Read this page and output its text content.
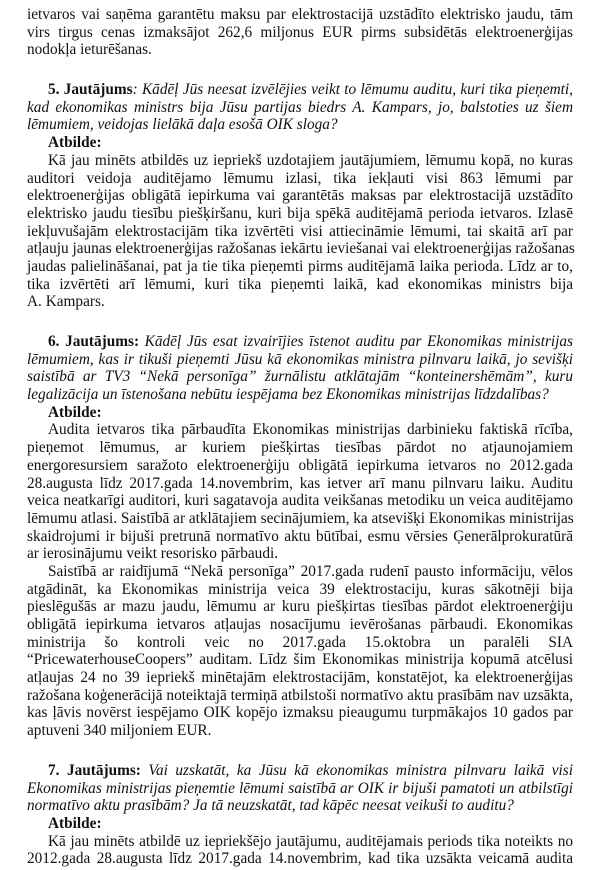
ietvaros vai saņēma garantētu maksu par elektrostacijā uzstādīto elektrisko jaudu, tām
virs tirgus cenas izmaksājot 262,6 miljonus EUR pirms subsidētās elektroenerģijas
nodokļa ieturēšanas.
5. Jautājums: Kādēļ Jūs neesat izvēlējies veikt to lēmumu auditu, kuri tika pieņemti,
kad ekonomikas ministrs bija Jūsu partijas biedrs A. Kampars, jo, balstoties uz šiem
lēmumiem, veidojas lielākā daļa esošā OIK sloga?
Atbilde:
Kā jau minēts atbildēs uz iepriekš uzdotajiem jautājumiem, lēmumu kopā, no kuras
auditori veidoja auditējamo lēmumu izlasi, tika iekļauti visi 863 lēmumi par
elektroenerģijas obligātā iepirkuma vai garantētās maksas par elektrostacijā uzstādīto
elektrisko jaudu tiesību piešķiršanu, kuri bija spēkā auditējamā perioda ietvaros. Izlasē
iekļuvušajām elektrostacijām tika izvērtēti visi attiecināmie lēmumi, tai skaitā arī par
atļauju jaunas elektroenerģijas ražošanas iekārtu ieviešanai vai elektroenerģijas ražošanas
jaudas palielināšanai, pat ja tie tika pieņemti pirms auditējamā laika perioda. Līdz ar to,
tika izvērtēti arī lēmumi, kuri tika pieņemti laikā, kad ekonomikas ministrs bija
A. Kampars.
6. Jautājums: Kādēļ Jūs esat izvairījies īstenot auditu par Ekonomikas ministrijas
lēmumiem, kas ir tikuši pieņemti Jūsu kā ekonomikas ministra pilnvaru laikā, jo sevišķi
saistībā ar TV3 “Nekā personīga” žurnālistu atklātajām “konteinershēmām”, kuru
legalizācija un īstenošana nebūtu iespējama bez Ekonomikas ministrijas līdzdalības?
Atbilde:
Audita ietvaros tika pārbaudīta Ekonomikas ministrijas darbinieku faktiskā rīcība,
pieņemot lēmumus, ar kuriem piešķirtas tiesības pārdot no atjaunojamiem
energoresursiem saražoto elektroenerģiju obligātā iepirkuma ietvaros no 2012.gada
28.augusta līdz 2017.gada 14.novembrim, kas ietver arī manu pilnvaru laiku. Auditu
veica neatkarīgi auditori, kuri sagatavoja audita veikšanas metodiku un veica auditējamo
lēmumu atlasi. Saistībā ar atklātajiem secinājumiem, ka atsevišķi Ekonomikas ministrijas
skaidrojumi ir bijuši pretrunā normatīvo aktu būtībai, esmu vērsies Ģenerālprokuratūrā
ar ierosinājumu veikt resorisko pārbaudi.
Saistībā ar raidījumā “Nekā personīga” 2017.gada rudenī pausto informāciju, vēlos
atgādināt, ka Ekonomikas ministrija veica 39 elektrostaciju, kuras sākotnēji bija
pieslēgušās ar mazu jaudu, lēmumu ar kuru piešķirtas tiesības pārdot elektroenerģiju
obligātā iepirkuma ietvaros atļaujas nosacījumu ievērošanas pārbaudi. Ekonomikas
ministrija šo kontroli veic no 2017.gada 15.oktobra un paralēli SIA
“PricewaterhouseCoopers” auditam. Līdz šim Ekonomikas ministrija kopumā atcēlusi
atļaujas 24 no 39 iepriekš minētajām elektrostacijām, konstatējot, ka elektroenerģijas
ražošana koģenerācijā noteiktajā termiņā atbilstoši normatīvo aktu prasībām nav uzsākta,
kas ļāvis novērst iespējamo OIK kopējo izmaksu pieaugumu turpmākajos 10 gados par
aptuveni 340 miljoniem EUR.
7. Jautājums: Vai uzskatāt, ka Jūsu kā ekonomikas ministra pilnvaru laikā visi
Ekonomikas ministrijas pieņemtie lēmumi saistībā ar OIK ir bijuši pamatoti un atbilstīgi
normatīvo aktu prasībām? Ja tā neuzskatāt, tad kāpēc neesat veikuši to auditu?
Atbilde:
Kā jau minēts atbildē uz iepriekšējo jautājumu, auditējamais periods tika noteikts no
2012.gada 28.augusta līdz 2017.gada 14.novembrim, kad tika uzsākta veicamā audita
